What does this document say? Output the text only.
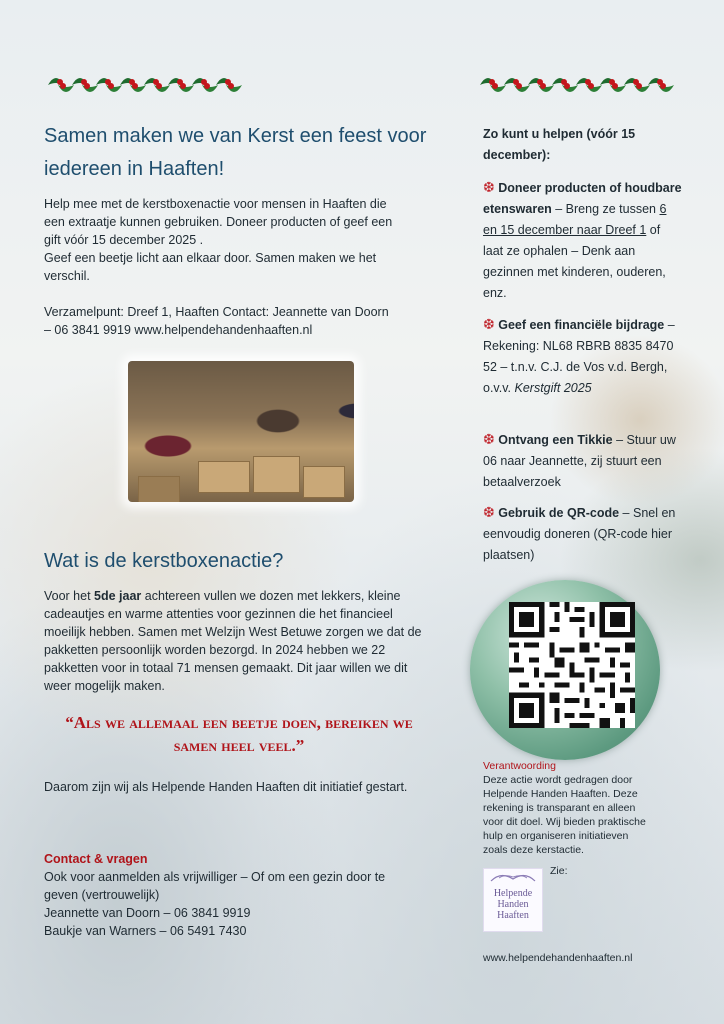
Samen maken we van Kerst een feest voor iedereen in Haaften!

Help mee met de kerstboxenactie voor mensen in Haaften die

een extraatje kunnen gebruiken. Doneer producten of geef een

gift vóór 15 december 2025 .

Geef een beetje licht aan elkaar door. Samen maken we het

verschil.

Verzamelpunt: Dreef 1, Haaften Contact: Jeannette van Doorn

– 06 3841 9919 www.helpendehandenhaaften.nl

Wat is de kerstboxenactie?

Voor het 5de jaar achtereen vullen we dozen met lekkers, kleine cadeautjes en warme attenties voor gezinnen die het financieel moeilijk hebben. Samen met Welzijn West Betuwe zorgen we dat de pakketten persoonlijk worden bezorgd. In 2024 hebben we 22 pakketten voor in totaal 71 mensen gemaakt. Dit jaar willen we dit weer mogelijk maken.

“Als we allemaal een beetje doen, bereiken we samen heel veel.”

Daarom zijn wij als Helpende Handen Haaften dit initiatief gestart.

Contact & vragen

Ook voor aanmelden als vrijwilliger – Of om een gezin door te

geven (vertrouwelijk)

Jeannette van Doorn – 06 3841 9919

Baukje van Warners – 06 5491 7430

Zo kunt u helpen (vóór 15 december):

❆ Doneer producten of houdbare etenswaren – Breng ze tussen 6 en 15 december naar Dreef 1 of laat ze ophalen – Denk aan gezinnen met kinderen, ouderen, enz.

❆ Geef een financiële bijdrage – Rekening: NL68 RBRB 8835 8470 52 – t.n.v. C.J. de Vos v.d. Bergh, o.v.v. Kerstgift 2025

❆ Ontvang een Tikkie – Stuur uw 06 naar Jeannette, zij stuurt een betaalverzoek

❆ Gebruik de QR-code – Snel en eenvoudig doneren (QR-code hier plaatsen)

Verantwoording

Deze actie wordt gedragen door Helpende Handen Haaften. Deze rekening is transparant en alleen voor dit doel. Wij bieden praktische hulp en organiseren initiatieven zoals deze kerstactie.

Zie:

Helpende Handen Haaften

www.helpendehandenhaaften.nl
